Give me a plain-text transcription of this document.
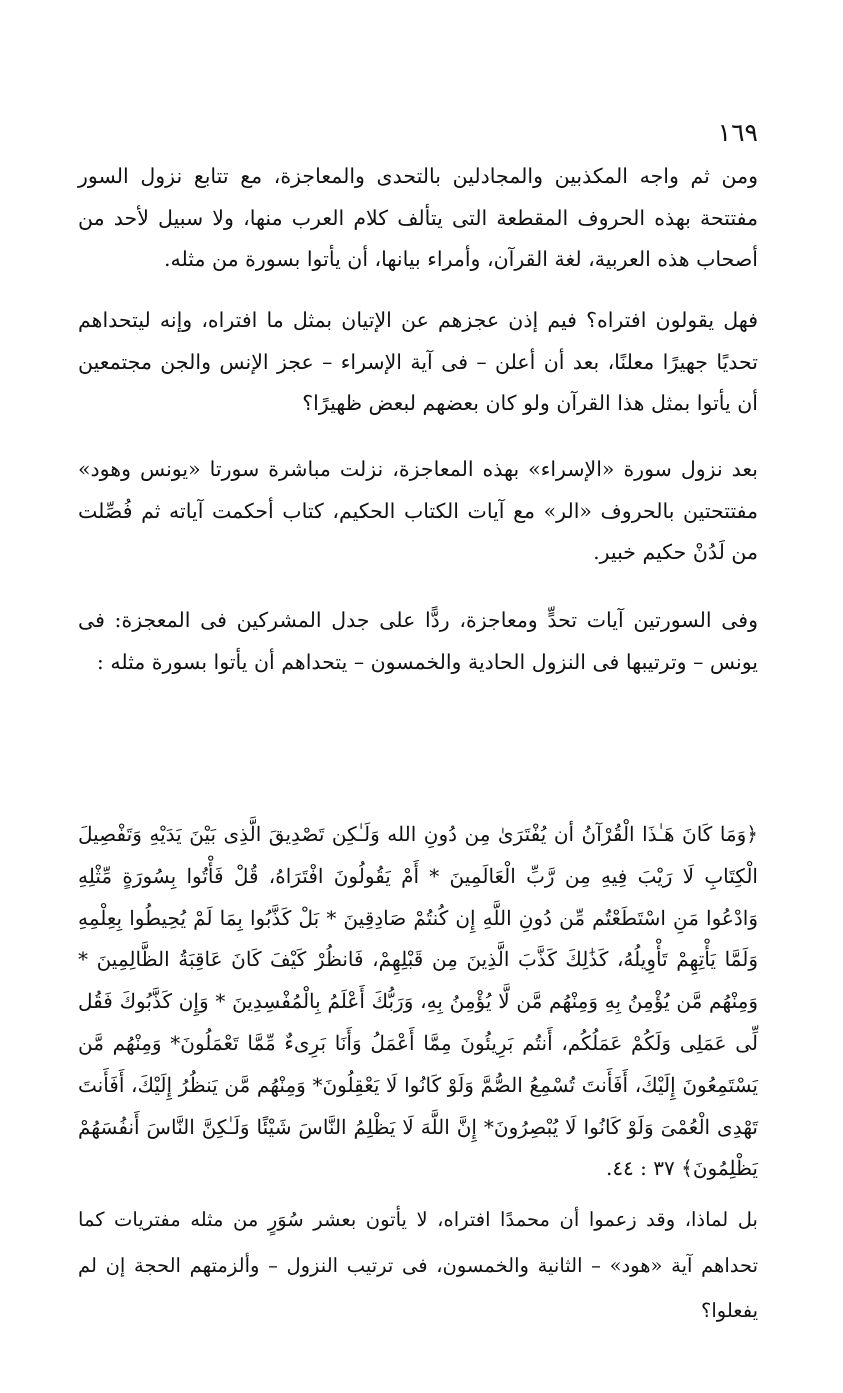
١٦٩

ومن ثم واجه المكذبين والمجادلين بالتحدى والمعاجزة، مع تتابع نزول السور مفتتحة بهذه الحروف المقطعة التى يتألف كلام العرب منها، ولا سبيل لأحد من أصحاب هذه العربية، لغة القرآن، وأمراء بيانها، أن يأتوا بسورة من مثله.

فهل يقولون افتراه؟ فيم إذن عجزهم عن الإتيان بمثل ما افتراه، وإنه ليتحداهم تحديًا جهيرًا معلنًا، بعد أن أعلن – فى آية الإسراء – عجز الإنس والجن مجتمعين أن يأتوا بمثل هذا القرآن ولو كان بعضهم لبعض ظهيرًا؟

بعد نزول سورة «الإسراء» بهذه المعاجزة، نزلت مباشرة سورتا «يونس وهود» مفتتحتين بالحروف «الر» مع آيات الكتاب الحكيم، كتاب أحكمت آياته ثم فُصِّلت من لَدُنْ حكيم خبير.

وفى السورتين آيات تحدٍّ ومعاجزة، ردًّا على جدل المشركين فى المعجزة: فى يونس – وترتيبها فى النزول الحادية والخمسون – يتحداهم أن يأتوا بسورة مثله :

﴿وَمَا كَانَ هَـٰذَا الْقُرْآنُ أن يُفْتَرَىٰ مِن دُونِ الله وَلَـٰكِن تَصْدِيقَ الَّذِى بَيْنَ يَدَيْهِ وَتَفْصِيلَ الْكِتَابِ لَا رَيْبَ فِيهِ مِن رَّبِّ الْعَالَمِينَ * أَمْ يَقُولُونَ افْتَرَاهُ، قُلْ فَأْتُوا بِسُورَةٍ مِّثْلِهِ وَادْعُوا مَنِ اسْتَطَعْتُم مِّن دُونِ اللَّهِ إِن كُنتُمْ صَادِقِينَ * بَلْ كَذَّبُوا بِمَا لَمْ يُحِيطُوا بِعِلْمِهِ وَلَمَّا يَأْتِهِمْ تَأْوِيلُهُ، كَذَٰلِكَ كَذَّبَ الَّذِينَ مِن قَبْلِهِمْ، فَانظُرْ كَيْفَ كَانَ عَاقِبَةُ الظَّالِمِينَ * وَمِنْهُم مَّن يُؤْمِنُ بِهِ وَمِنْهُم مَّن لَّا يُؤْمِنُ بِهِ، وَرَبُّكَ أَعْلَمُ بِالْمُفْسِدِينَ * وَإِن كَذَّبُوكَ فَقُل لِّى عَمَلِى وَلَكُمْ عَمَلُكُم، أَنتُم بَرِيئُونَ مِمَّا أَعْمَلُ وَأَنَا بَرِىءٌ مِّمَّا تَعْمَلُونَ* وَمِنْهُم مَّن يَسْتَمِعُونَ إِلَيْكَ، أَفَأَنتَ تُسْمِعُ الصُّمَّ وَلَوْ كَانُوا لَا يَعْقِلُونَ* وَمِنْهُم مَّن يَنظُرُ إِلَيْكَ، أَفَأَنتَ تَهْدِى الْعُمْىَ وَلَوْ كَانُوا لَا يُبْصِرُونَ* إِنَّ اللَّهَ لَا يَظْلِمُ النَّاسَ شَيْئًا وَلَـٰكِنَّ النَّاسَ أَنفُسَهُمْ يَظْلِمُونَ﴾ ٣٧ : ٤٤.

بل لماذا، وقد زعموا أن محمدًا افتراه، لا يأتون بعشر سُوَرٍ من مثله مفتريات كما تحداهم آية «هود» – الثانية والخمسون، فى ترتيب النزول – وألزمتهم الحجة إن لم يفعلوا؟
